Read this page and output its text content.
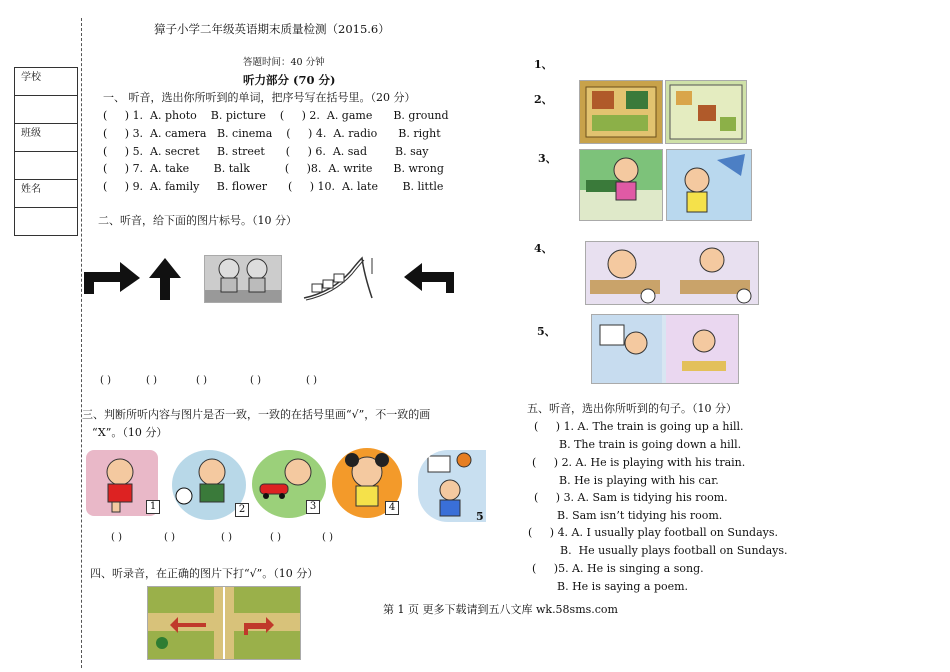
学校

班级

姓名

獐子小学二年级英语期末质量检测（2015.6）
答题时间：40 分钟
听力部分 (70 分)
一、 听音，选出你所听到的单词，把序号写在括号里。（20 分）
(     ) 1.  A. photo    B. picture    (     ) 2.  A. game      B. ground
(     ) 3.  A. camera   B. cinema    (     ) 4.  A. radio      B. right
(     ) 5.  A. secret     B. street      (     ) 6.  A. sad        B. say
(     ) 7.  A. take       B. talk          (     )8.  A. write      B. wrong
(     ) 9.  A. family     B. flower      (     ) 10.  A. late       B. little
二、听音，给下面的图片标号。（10 分）
( )	( )	( )	( )	( )
三、判断所听内容与图片是否一致，一致的在括号里画“√”，不一致的画
“X”。（10 分）
1	2	3	4
5
( )	( )	( )	( )	( )
四、听录音，在正确的图片下打“√”。（10 分）
1、
2、
3、
4、
5、
五、听音，选出你所听到的句子。（10 分）
(     ) 1. A. The train is going up a hill.
B. The train is going down a hill.
(     ) 2. A. He is playing with his train.
B. He is playing with his car.
(     ) 3. A. Sam is tidying his room.
B. Sam isn’t tidying his room.
(     ) 4. A. I usually play football on Sundays.
B.  He usually plays football on Sundays.
(     )5. A. He is singing a song.
B. He is saying a poem.
第 1 页 更多下载请到五八文库 wk.58sms.com
